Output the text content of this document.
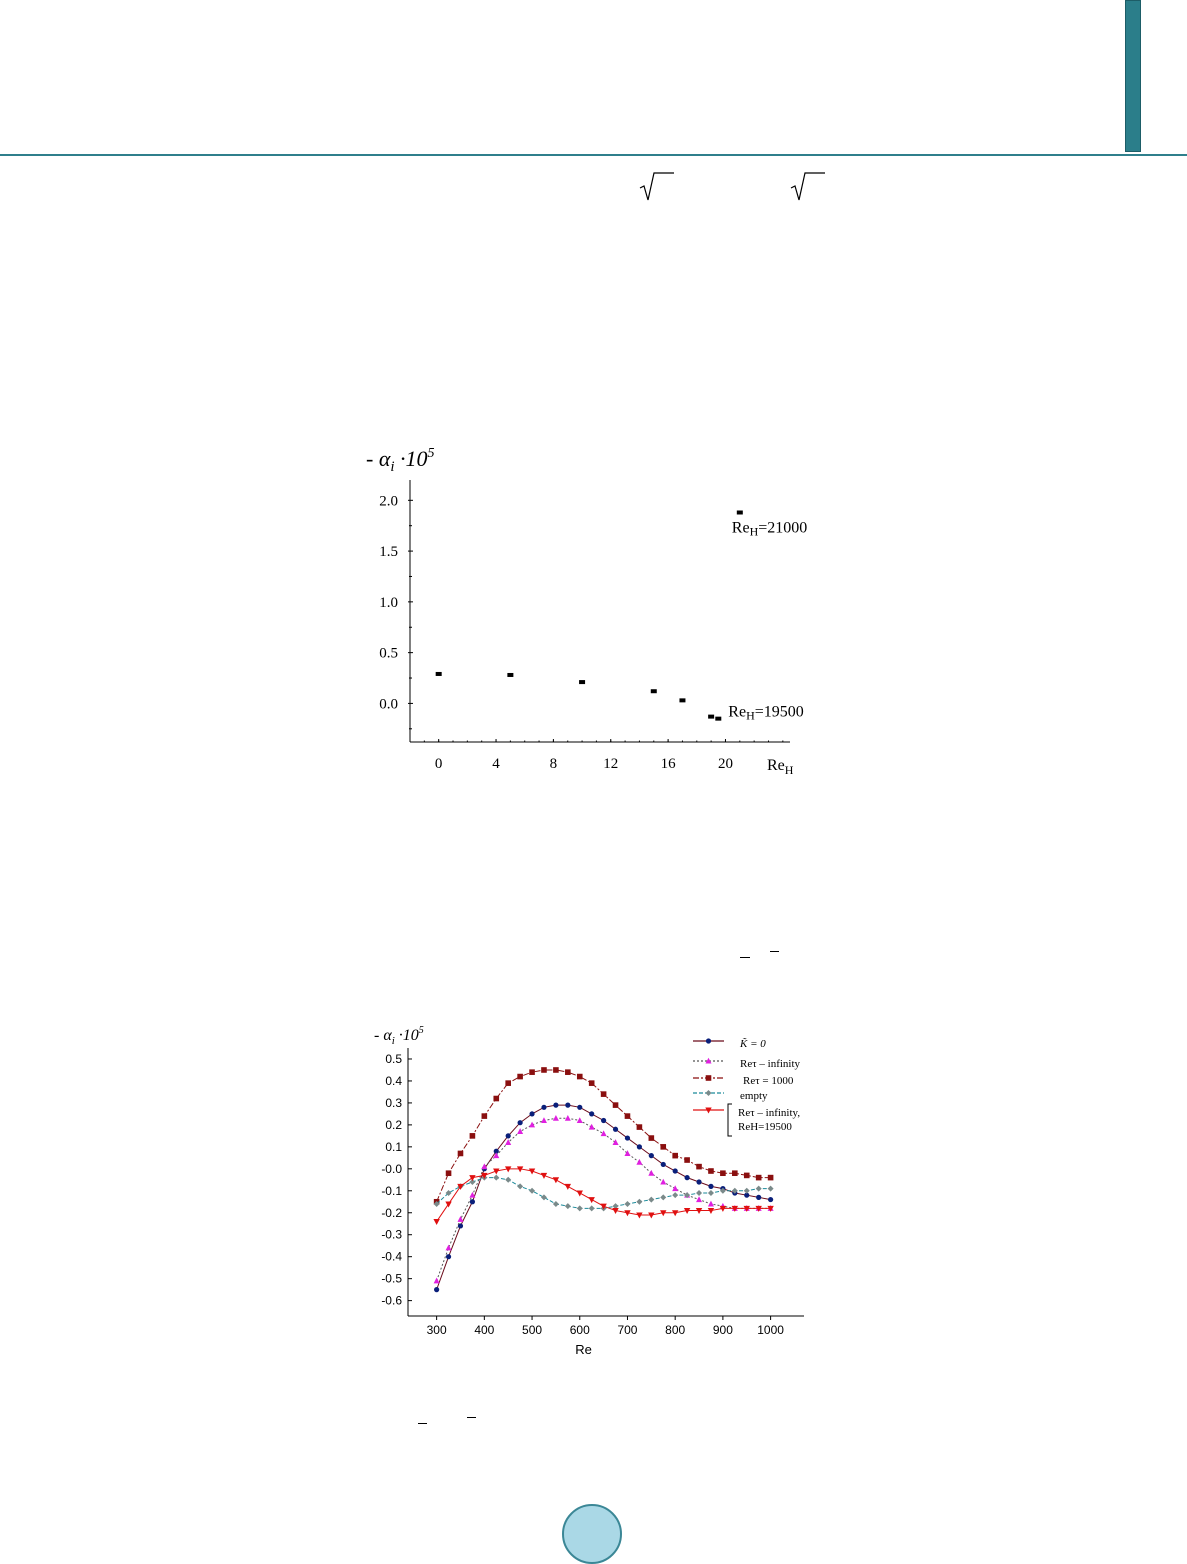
- $\alpha_i \cdot 10^5$
0.0
0.5
1.0
1.5
2.0
0	4	8	12	16	20 $Re_H$
ReH=21000
ReH=19500
- $\alpha_i \cdot 10^5$
0.5
0.4
0.3
0.2
0.1
-0.0
-0.1
-0.2
-0.3
-0.4
-0.5
-0.6
300 400 500 600 700 800 900 1000
Re
K̃ = 0
Reτ – infinity
Reτ = 1000
empty
Reτ – infinity,
ReH=19500
